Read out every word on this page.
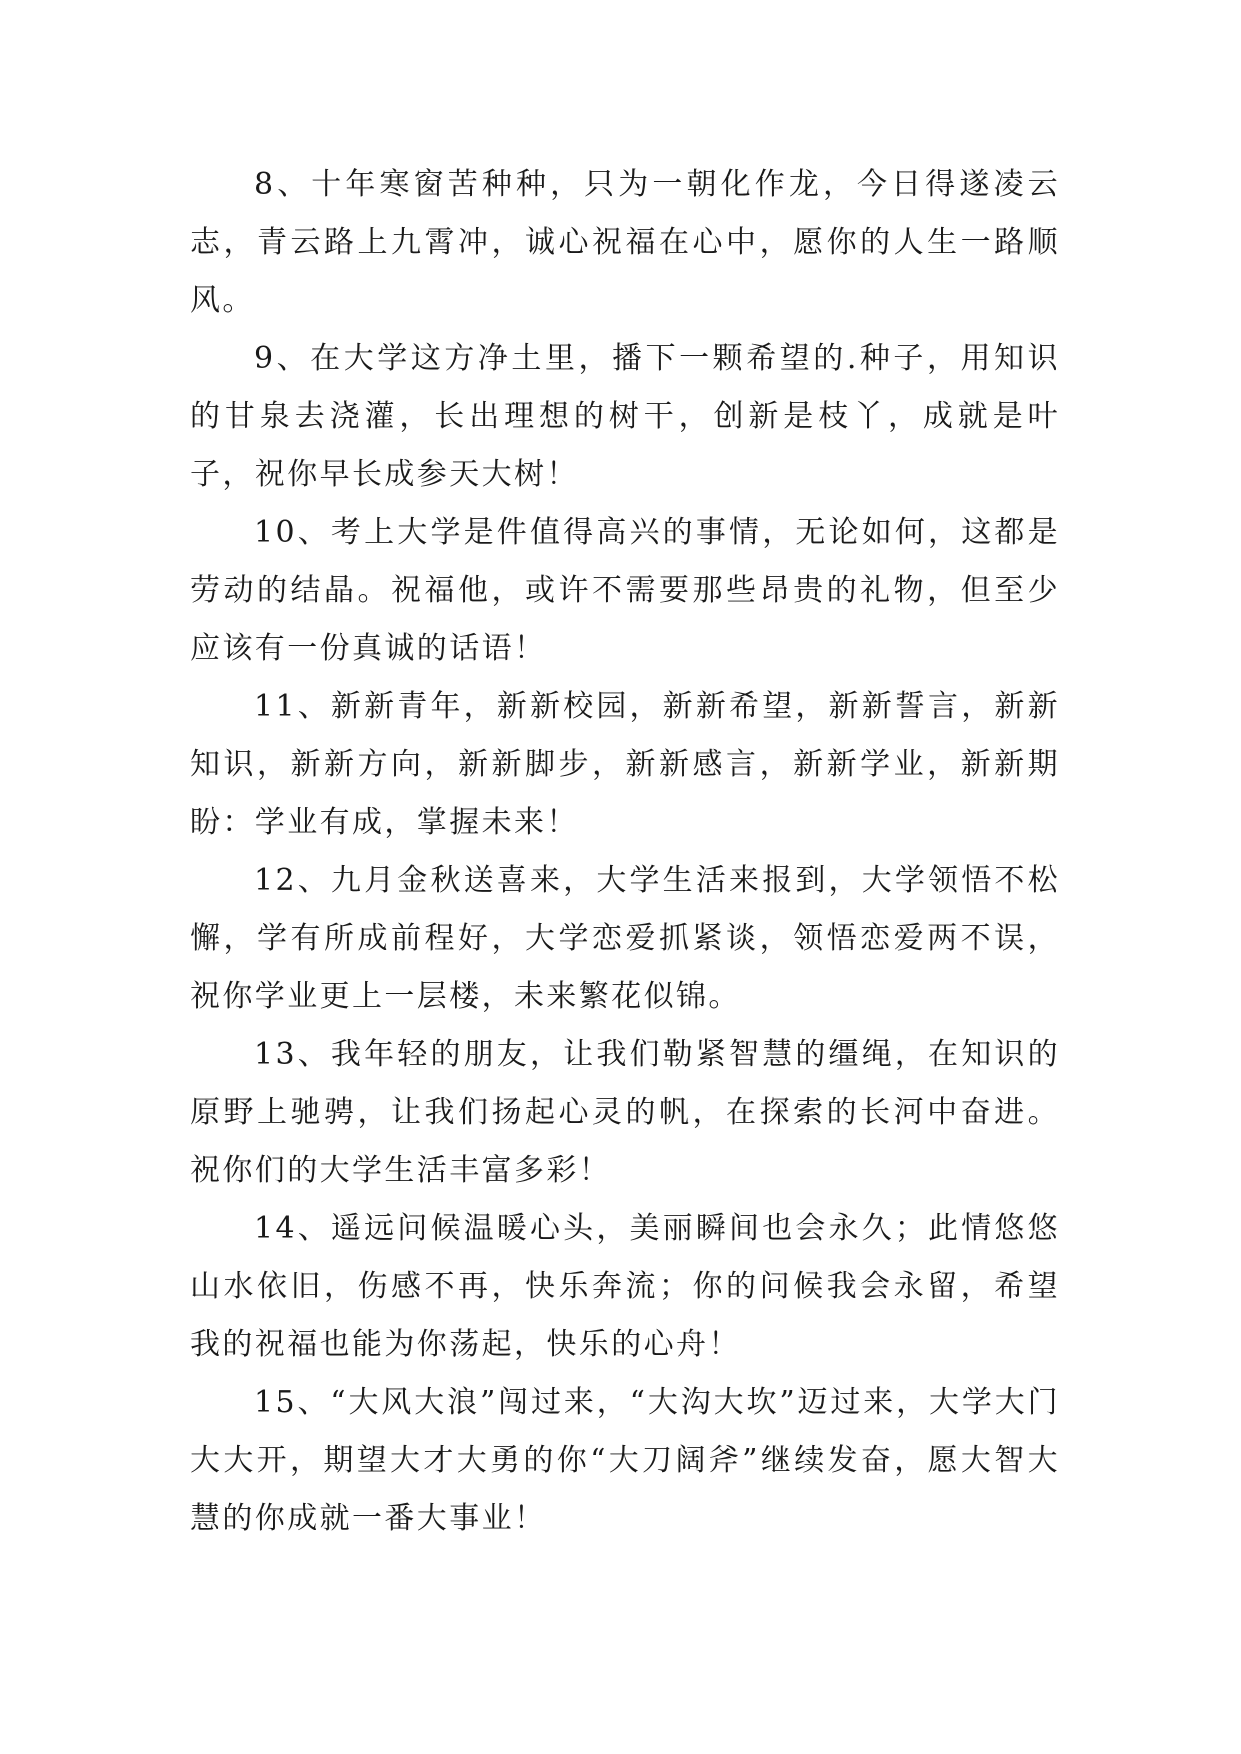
8、十年寒窗苦种种，只为一朝化作龙，今日得遂凌云志，青云路上九霄冲，诚心祝福在心中，愿你的人生一路顺风。

9、在大学这方净土里，播下一颗希望的.种子，用知识的甘泉去浇灌，长出理想的树干，创新是枝丫，成就是叶子，祝你早长成参天大树！

10、考上大学是件值得高兴的事情，无论如何，这都是劳动的结晶。祝福他，或许不需要那些昂贵的礼物，但至少应该有一份真诚的话语！

11、新新青年，新新校园，新新希望，新新誓言，新新知识，新新方向，新新脚步，新新感言，新新学业，新新期盼：学业有成，掌握未来！

12、九月金秋送喜来，大学生活来报到，大学领悟不松懈，学有所成前程好，大学恋爱抓紧谈，领悟恋爱两不误，祝你学业更上一层楼，未来繁花似锦。

13、我年轻的朋友，让我们勒紧智慧的缰绳，在知识的原野上驰骋，让我们扬起心灵的帆，在探索的长河中奋进。祝你们的大学生活丰富多彩！

14、遥远问候温暖心头，美丽瞬间也会永久；此情悠悠山水依旧，伤感不再，快乐奔流；你的问候我会永留，希望我的祝福也能为你荡起，快乐的心舟！

15、“大风大浪”闯过来，“大沟大坎”迈过来，大学大门大大开，期望大才大勇的你“大刀阔斧”继续发奋，愿大智大慧的你成就一番大事业！
